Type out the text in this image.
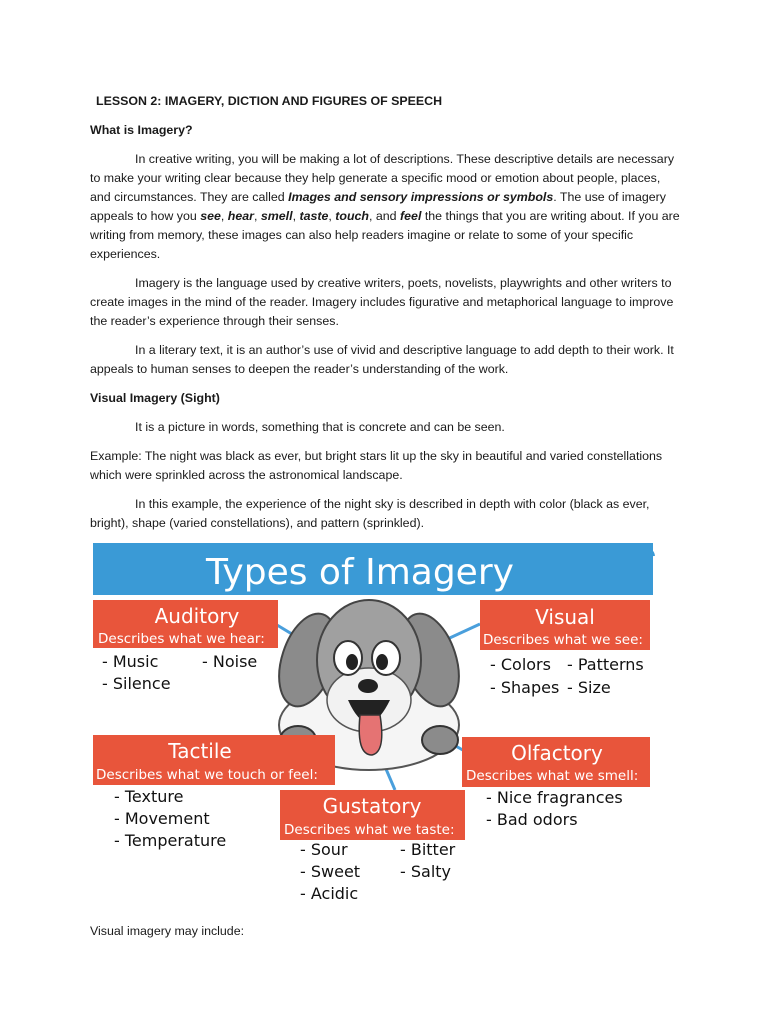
LESSON 2: IMAGERY, DICTION AND FIGURES OF SPEECH

What is Imagery?

In creative writing, you will be making a lot of descriptions. These descriptive details are necessary to make your writing clear because they help generate a specific mood or emotion about people, places, and circumstances. They are called Images and sensory impressions or symbols. The use of imagery appeals to how you see, hear, smell, taste, touch, and feel the things that you are writing about. If you are writing from memory, these images can also help readers imagine or relate to some of your specific experiences.

Imagery is the language used by creative writers, poets, novelists, playwrights and other writers to create images in the mind of the reader. Imagery includes figurative and metaphorical language to improve the reader’s experience through their senses.

In a literary text, it is an author’s use of vivid and descriptive language to add depth to their work. It appeals to human senses to deepen the reader’s understanding of the work.

Visual Imagery (Sight)

It is a picture in words, something that is concrete and can be seen.

Example: The night was black as ever, but bright stars lit up the sky in beautiful and varied constellations which were sprinkled across the astronomical landscape.

In this example, the experience of the night sky is described in depth with color (black as ever, bright), shape (varied constellations), and pattern (sprinkled).

Types of Imagery
Auditory
Describes what we hear:
- Music	- Noise
- Silence
Visual
Describes what we see:
- Colors - Patterns
- Shapes - Size
Tactile
Describes what we touch or feel:
- Texture
- Movement
- Temperature
Olfactory
Describes what we smell:
- Nice fragrances
- Bad odors
Gustatory
Describes what we taste:
- Sour	- Bitter
- Sweet - Salty
- Acidic

Visual imagery may include:
